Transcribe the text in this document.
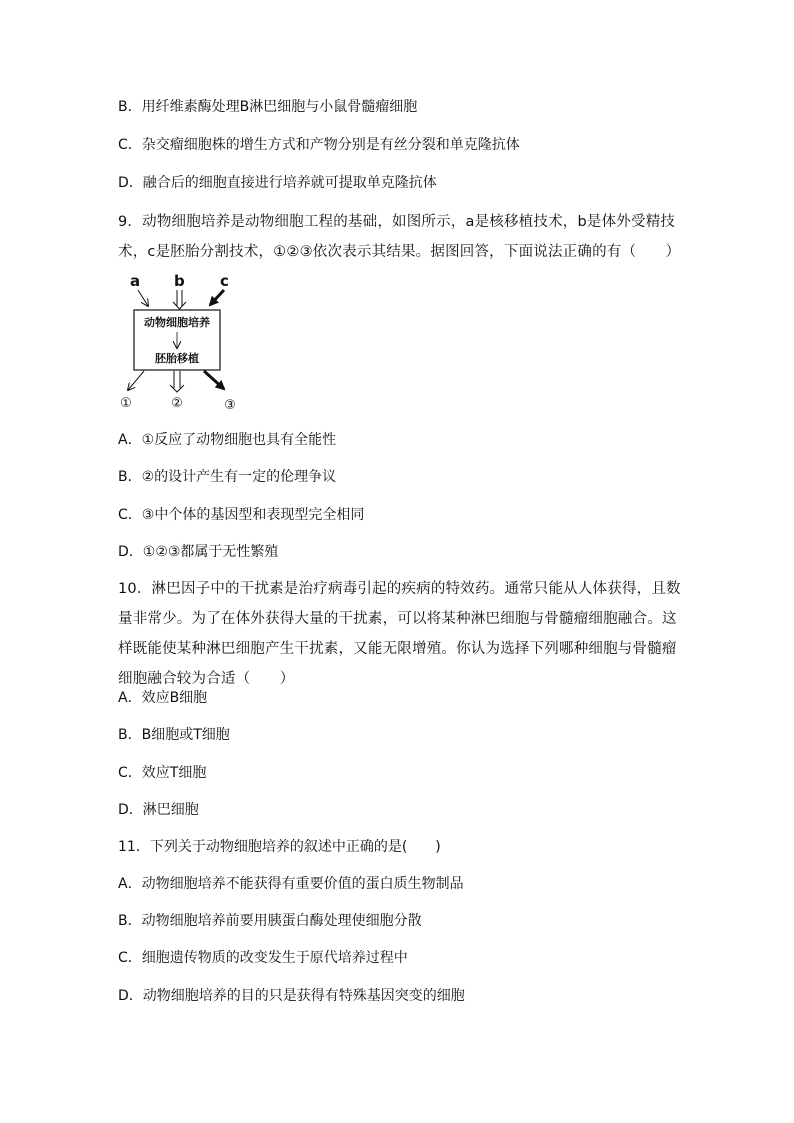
B．用纤维素酶处理B淋巴细胞与小鼠骨髓瘤细胞
C．杂交瘤细胞株的增生方式和产物分别是有丝分裂和单克隆抗体
D．融合后的细胞直接进行培养就可提取单克隆抗体
9．动物细胞培养是动物细胞工程的基础，如图所示，a是核移植技术，b是体外受精技术，c是胚胎分割技术，①②③依次表示其结果。据图回答，下面说法正确的有（　　）
a b c
动物细胞培养
胚胎移植
①	②	③
A．①反应了动物细胞也具有全能性
B．②的设计产生有一定的伦理争议
C．③中个体的基因型和表现型完全相同
D．①②③都属于无性繁殖
10．淋巴因子中的干扰素是治疗病毒引起的疾病的特效药。通常只能从人体获得，且数量非常少。为了在体外获得大量的干扰素，可以将某种淋巴细胞与骨髓瘤细胞融合。这样既能使某种淋巴细胞产生干扰素，又能无限增殖。你认为选择下列哪种细胞与骨髓瘤细胞融合较为合适（　　）
A．效应B细胞
B．B细胞或T细胞
C．效应T细胞
D．淋巴细胞
11．下列关于动物细胞培养的叙述中正确的是(　　)
A．动物细胞培养不能获得有重要价值的蛋白质生物制品
B．动物细胞培养前要用胰蛋白酶处理使细胞分散
C．细胞遗传物质的改变发生于原代培养过程中
D．动物细胞培养的目的只是获得有特殊基因突变的细胞
